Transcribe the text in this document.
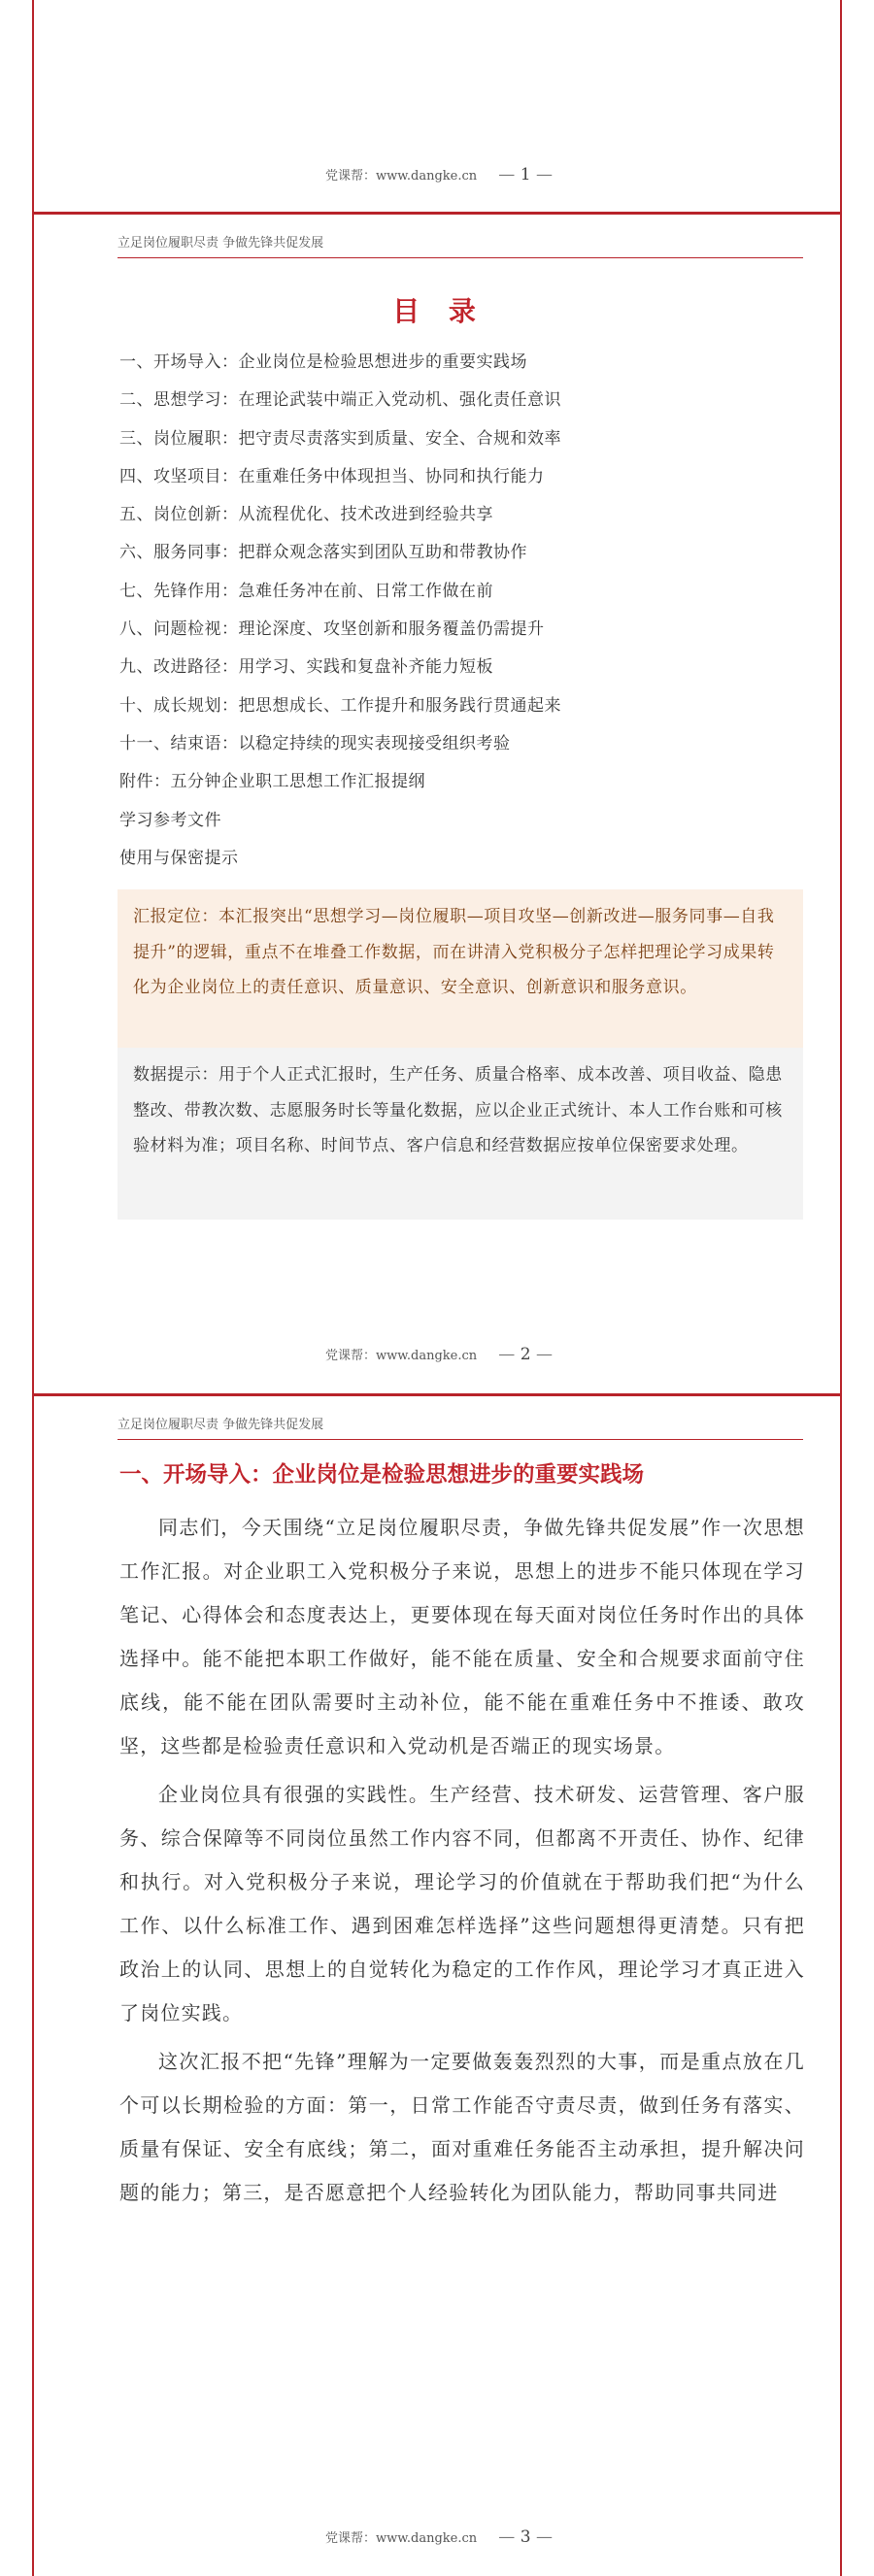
党课帮：www.dangke.cn — 1 —
立足岗位履职尽责 争做先锋共促发展
目 录
一、开场导入：企业岗位是检验思想进步的重要实践场
二、思想学习：在理论武装中端正入党动机、强化责任意识
三、岗位履职：把守责尽责落实到质量、安全、合规和效率
四、攻坚项目：在重难任务中体现担当、协同和执行能力
五、岗位创新：从流程优化、技术改进到经验共享
六、服务同事：把群众观念落实到团队互助和带教协作
七、先锋作用：急难任务冲在前、日常工作做在前
八、问题检视：理论深度、攻坚创新和服务覆盖仍需提升
九、改进路径：用学习、实践和复盘补齐能力短板
十、成长规划：把思想成长、工作提升和服务践行贯通起来
十一、结束语：以稳定持续的现实表现接受组织考验
附件：五分钟企业职工思想工作汇报提纲
学习参考文件
使用与保密提示
汇报定位：本汇报突出“思想学习—岗位履职—项目攻坚—创新改进—服务同事—自我提升”的逻辑，重点不在堆叠工作数据，而在讲清入党积极分子怎样把理论学习成果转化为企业岗位上的责任意识、质量意识、安全意识、创新意识和服务意识。
数据提示：用于个人正式汇报时，生产任务、质量合格率、成本改善、项目收益、隐患整改、带教次数、志愿服务时长等量化数据，应以企业正式统计、本人工作台账和可核验材料为准；项目名称、时间节点、客户信息和经营数据应按单位保密要求处理。
党课帮：www.dangke.cn — 2 —
立足岗位履职尽责 争做先锋共促发展
一、开场导入：企业岗位是检验思想进步的重要实践场

同志们，今天围绕“立足岗位履职尽责，争做先锋共促发展”作一次思想工作汇报。对企业职工入党积极分子来说，思想上的进步不能只体现在学习笔记、心得体会和态度表达上，更要体现在每天面对岗位任务时作出的具体选择中。能不能把本职工作做好，能不能在质量、安全和合规要求面前守住底线，能不能在团队需要时主动补位，能不能在重难任务中不推诿、敢攻坚，这些都是检验责任意识和入党动机是否端正的现实场景。

企业岗位具有很强的实践性。生产经营、技术研发、运营管理、客户服务、综合保障等不同岗位虽然工作内容不同，但都离不开责任、协作、纪律和执行。对入党积极分子来说，理论学习的价值就在于帮助我们把“为什么工作、以什么标准工作、遇到困难怎样选择”这些问题想得更清楚。只有把政治上的认同、思想上的自觉转化为稳定的工作作风，理论学习才真正进入了岗位实践。

这次汇报不把“先锋”理解为一定要做轰轰烈烈的大事，而是重点放在几个可以长期检验的方面：第一，日常工作能否守责尽责，做到任务有落实、质量有保证、安全有底线；第二，面对重难任务能否主动承担，提升解决问题的能力；第三，是否愿意把个人经验转化为团队能力，帮助同事共同进

党课帮：www.dangke.cn — 3 —
